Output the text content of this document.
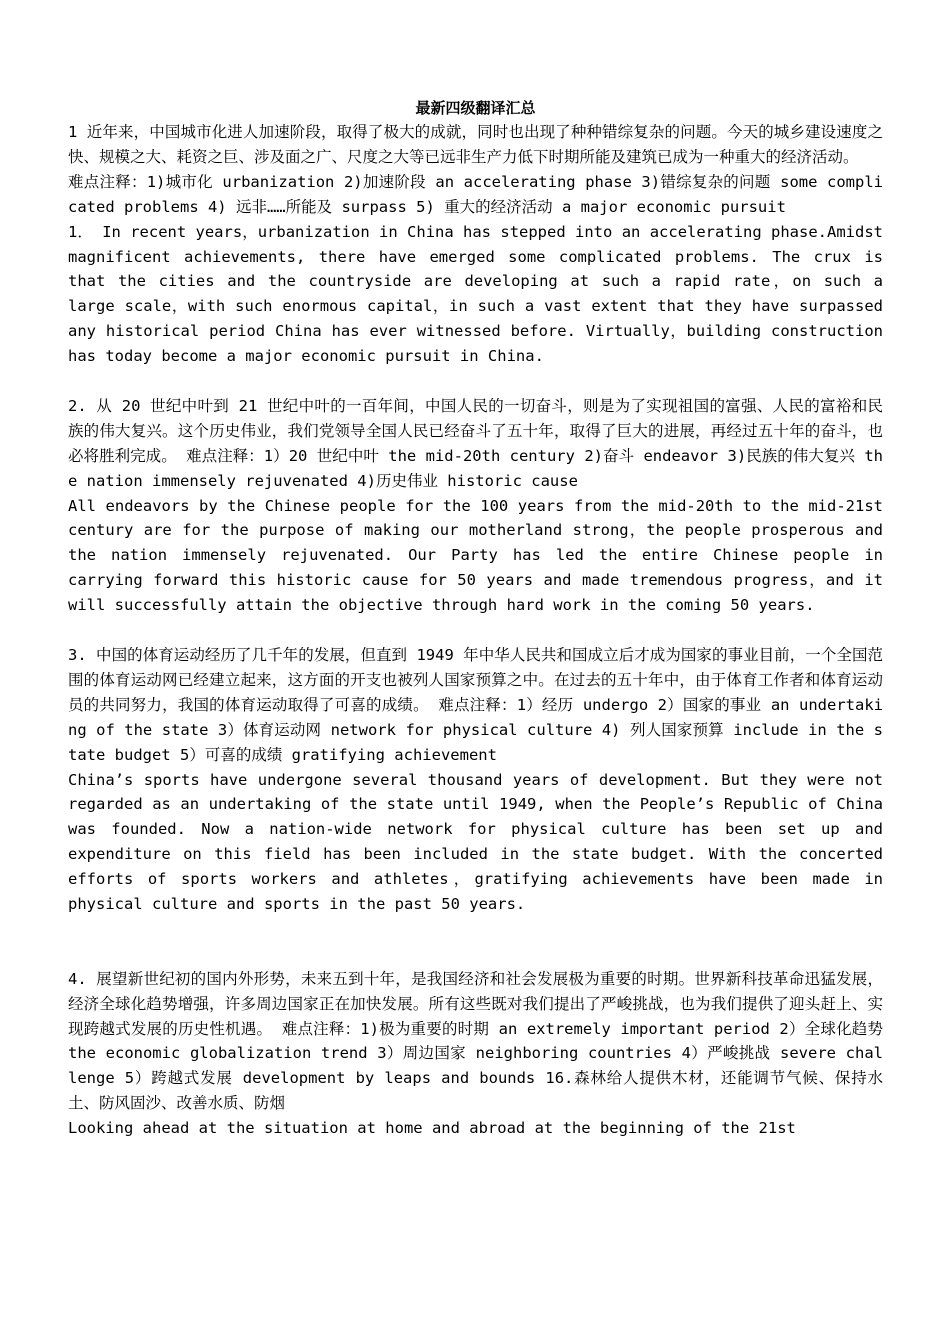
最新四级翻译汇总

1 近年来，中国城市化进人加速阶段，取得了极大的成就，同时也出现了种种错综复杂的问题。今天的城乡建设速度之快、规模之大、耗资之巨、涉及面之广、尺度之大等已远非生产力低下时期所能及建筑已成为一种重大的经济活动。

难点注释：1)城市化 urbanization 2)加速阶段 an accelerating phase 3)错综复杂的问题 some complicated problems 4) 远非……所能及 surpass 5) 重大的经济活动 a major economic pursuit

1． In recent years，urbanization in China has stepped into an accelerating phase.Amidst magnificent achievements, there have emerged some complicated problems. The crux is that the cities and the countryside are developing at such a rapid rate，on such a large scale，with such enormous capital，in such a vast extent that they have surpassed any historical period China has ever witnessed before. Virtually，building construction has today become a major economic pursuit in China.

2. 从 20 世纪中叶到 21 世纪中叶的一百年间，中国人民的一切奋斗，则是为了实现祖国的富强、人民的富裕和民族的伟大复兴。这个历史伟业，我们党领导全国人民已经奋斗了五十年，取得了巨大的进展，再经过五十年的奋斗，也必将胜利完成。 难点注释：1）20 世纪中叶 the mid-20th century 2)奋斗 endeavor 3)民族的伟大复兴 the nation immensely rejuvenated 4)历史伟业 historic cause

All endeavors by the Chinese people for the 100 years from the mid-20th to the mid-21st century are for the purpose of making our motherland strong，the people prosperous and the nation immensely rejuvenated. Our Party has led the entire Chinese people in carrying forward this historic cause for 50 years and made tremendous progress，and it will successfully attain the objective through hard work in the coming 50 years.

3. 中国的体育运动经历了几千年的发展，但直到 1949 年中华人民共和国成立后才成为国家的事业目前，一个全国范围的体育运动网已经建立起来，这方面的开支也被列人国家预算之中。在过去的五十年中，由于体育工作者和体育运动员的共同努力，我国的体育运动取得了可喜的成绩。 难点注释：1）经历 undergo 2）国家的事业 an undertaking of the state 3）体育运动网 network for physical culture 4) 列人国家预算 include in the state budget 5）可喜的成绩 gratifying achievement

China’s sports have undergone several thousand years of development. But they were not regarded as an undertaking of the state until 1949, when the People’s Republic of China was founded. Now a nation-wide network for physical culture has been set up and expenditure on this field has been included in the state budget. With the concerted efforts of sports workers and athletes，gratifying achievements have been made in physical culture and sports in the past 50 years.

4. 展望新世纪初的国内外形势，未来五到十年，是我国经济和社会发展极为重要的时期。世界新科技革命迅猛发展，经济全球化趋势增强，许多周边国家正在加快发展。所有这些既对我们提出了严峻挑战，也为我们提供了迎头赶上、实现跨越式发展的历史性机遇。 难点注释：1)极为重要的时期 an extremely important period 2）全球化趋势 the economic globalization trend 3）周边国家 neighboring countries 4）严峻挑战 severe challenge 5）跨越式发展 development by leaps and bounds 16.森林给人提供木材，还能调节气候、保持水土、防风固沙、改善水质、防烟

Looking ahead at the situation at home and abroad at the beginning of the 21st
